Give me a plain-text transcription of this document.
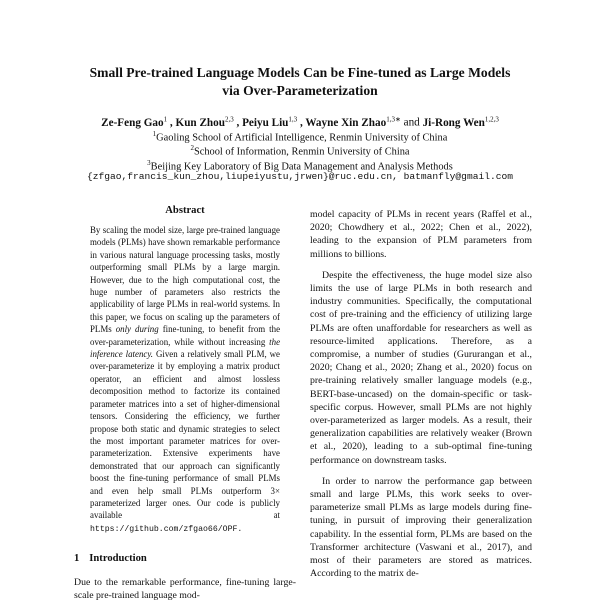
Small Pre-trained Language Models Can be Fine-tuned as Large Models
via Over-Parameterization
Ze-Feng Gao$^1$ , Kun Zhou$^{2,3}$ , Peiyu Liu$^{1,3}$ , Wayne Xin Zhao$^{1,3∗}$ and Ji-Rong Wen$^{1,2,3}$
$^1$Gaoling School of Artificial Intelligence, Renmin University of China
$^2$School of Information, Renmin University of China
$^3$Beijing Key Laboratory of Big Data Management and Analysis Methods
{zfgao,francis_kun_zhou,liupeiyustu,jrwen}@ruc.edu.cn, batmanfly@gmail.com
Abstract
By scaling the model size, large pre-trained language models (PLMs) have shown remarkable performance in various natural language processing tasks, mostly outperforming small PLMs by a large margin. However, due to the high computational cost, the huge number of parameters also restricts the applicability of large PLMs in real-world systems. In this paper, we focus on scaling up the parameters of PLMs only during fine-tuning, to benefit from the over-parameterization, while without increasing the inference latency. Given a relatively small PLM, we over-parameterize it by employing a matrix product operator, an efficient and almost lossless decomposition method to factorize its contained parameter matrices into a set of higher-dimensional tensors. Considering the efficiency, we further propose both static and dynamic strategies to select the most important parameter matrices for over-parameterization. Extensive experiments have demonstrated that our approach can significantly boost the fine-tuning performance of small PLMs and even help small PLMs outperform 3× parameterized larger ones. Our code is publicly available at https://github.com/zfgao66/OPF.
1 Introduction
Due to the remarkable performance, fine-tuning large-scale pre-trained language mod-

model capacity of PLMs in recent years (Raffel et al., 2020; Chowdhery et al., 2022; Chen et al., 2022), leading to the expansion of PLM parameters from millions to billions.

Despite the effectiveness, the huge model size also limits the use of large PLMs in both research and industry communities. Specifically, the computational cost of pre-training and the efficiency of utilizing large PLMs are often unaffordable for researchers as well as resource-limited applications. Therefore, as a compromise, a number of studies (Gururangan et al., 2020; Chang et al., 2020; Zhang et al., 2020) focus on pre-training relatively smaller language models (e.g., BERT-base-uncased) on the domain-specific or task-specific corpus. However, small PLMs are not highly over-parameterized as larger models. As a result, their generalization capabilities are relatively weaker (Brown et al., 2020), leading to a sub-optimal fine-tuning performance on downstream tasks.

In order to narrow the performance gap between small and large PLMs, this work seeks to over-parameterize small PLMs as large models during fine-tuning, in pursuit of improving their generalization capability. In the essential form, PLMs are based on the Transformer architecture (Vaswani et al., 2017), and most of their parameters are stored as matrices. According to the matrix de-
